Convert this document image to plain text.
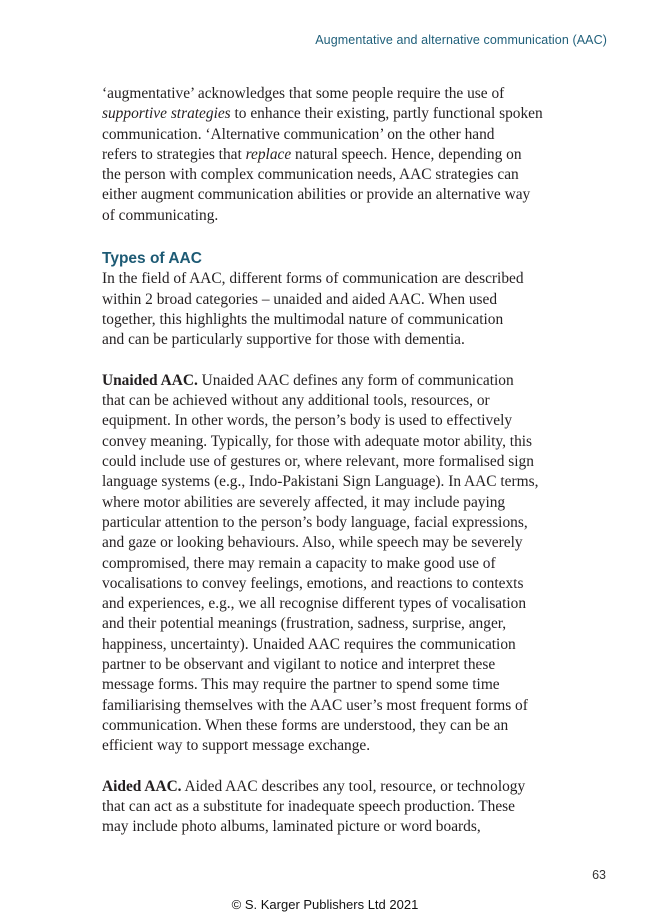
Augmentative and alternative communication (AAC)

‘augmentative’ acknowledges that some people require the use of
supportive strategies to enhance their existing, partly functional spoken
communication. ‘Alternative communication’ on the other hand
refers to strategies that replace natural speech. Hence, depending on
the person with complex communication needs, AAC strategies can
either augment communication abilities or provide an alternative way
of communicating.

Types of AAC

In the field of AAC, different forms of communication are described
within 2 broad categories – unaided and aided AAC. When used
together, this highlights the multimodal nature of communication
and can be particularly supportive for those with dementia.

Unaided AAC. Unaided AAC defines any form of communication
that can be achieved without any additional tools, resources, or
equipment. In other words, the person’s body is used to effectively
convey meaning. Typically, for those with adequate motor ability, this
could include use of gestures or, where relevant, more formalised sign
language systems (e.g., Indo-Pakistani Sign Language). In AAC terms,
where motor abilities are severely affected, it may include paying
particular attention to the person’s body language, facial expressions,
and gaze or looking behaviours. Also, while speech may be severely
compromised, there may remain a capacity to make good use of
vocalisations to convey feelings, emotions, and reactions to contexts
and experiences, e.g., we all recognise different types of vocalisation
and their potential meanings (frustration, sadness, surprise, anger,
happiness, uncertainty). Unaided AAC requires the communication
partner to be observant and vigilant to notice and interpret these
message forms. This may require the partner to spend some time
familiarising themselves with the AAC user’s most frequent forms of
communication. When these forms are understood, they can be an
efficient way to support message exchange.

Aided AAC. Aided AAC describes any tool, resource, or technology
that can act as a substitute for inadequate speech production. These
may include photo albums, laminated picture or word boards,

63
© S. Karger Publishers Ltd 2021
